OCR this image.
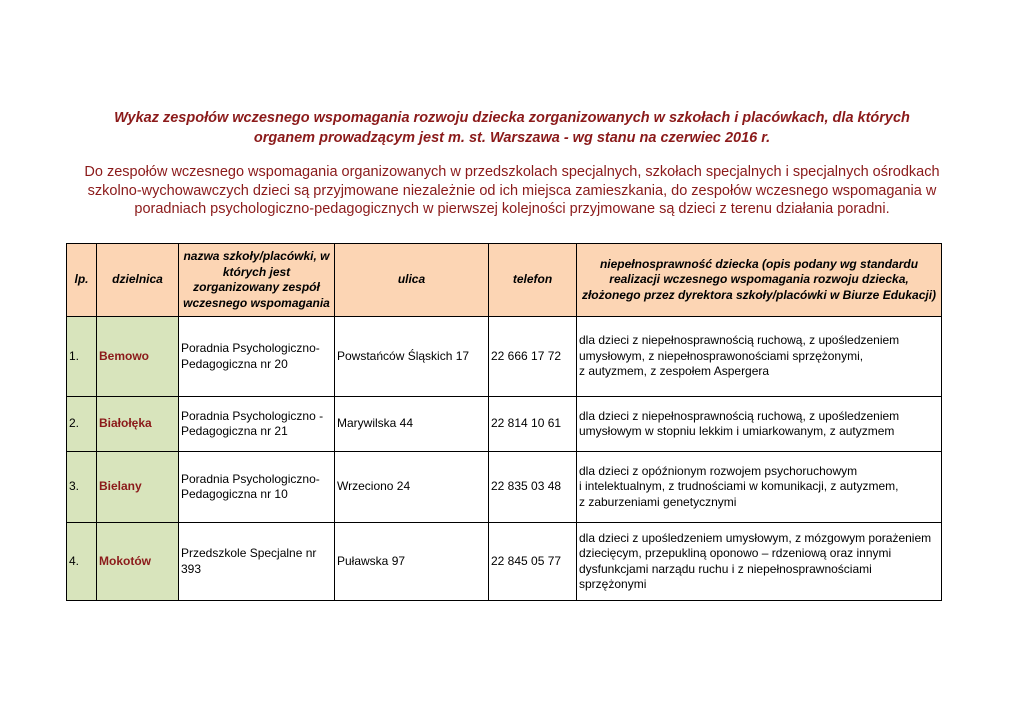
Wykaz zespołów wczesnego wspomagania rozwoju dziecka zorganizowanych w szkołach i placówkach, dla których
organem prowadzącym jest m. st. Warszawa - wg stanu na czerwiec 2016 r.
Do zespołów wczesnego wspomagania organizowanych w przedszkolach specjalnych, szkołach specjalnych i specjalnych ośrodkach
szkolno-wychowawczych dzieci są przyjmowane niezależnie od ich miejsca zamieszkania, do zespołów wczesnego wspomagania w
poradniach psychologiczno-pedagogicznych w pierwszej kolejności przyjmowane są dzieci z terenu działania poradni.
lp.	dzielnica	nazwa szkoły/placówki, w których jest zorganizowany zespół wczesnego wspomagania	ulica	telefon	niepełnosprawność dziecka (opis podany wg standardu realizacji wczesnego wspomagania rozwoju dziecka, złożonego przez dyrektora szkoły/placówki w Biurze Edukacji)
1.	Bemowo	Poradnia Psychologiczno-Pedagogiczna nr 20	Powstańców Śląskich 17	22 666 17 72	dla dzieci z niepełnosprawnością ruchową, z upośledzeniem
umysłowym, z niepełnosprawonościami sprzężonymi,
z autyzmem, z zespołem Aspergera

2.	Białołęka	Poradnia Psychologiczno - Pedagogiczna nr 21	Marywilska 44	22 814 10 61	dla dzieci z niepełnosprawnością ruchową, z upośledzeniem
umysłowym w stopniu lekkim i umiarkowanym, z autyzmem

3.	Bielany	Poradnia Psychologiczno-Pedagogiczna nr 10	Wrzeciono 24	22 835 03 48	dla dzieci z opóźnionym rozwojem psychoruchowym
i intelektualnym, z trudnościami w komunikacji, z autyzmem,
z zaburzeniami genetycznymi

4.	Mokotów	Przedszkole Specjalne nr 393	Puławska 97	22 845 05 77	dla dzieci z upośledzeniem umysłowym, z mózgowym porażeniem
dziecięcym, przepukliną oponowo – rdzeniową oraz innymi
dysfunkcjami narządu ruchu i z niepełnosprawnościami
sprzężonymi
